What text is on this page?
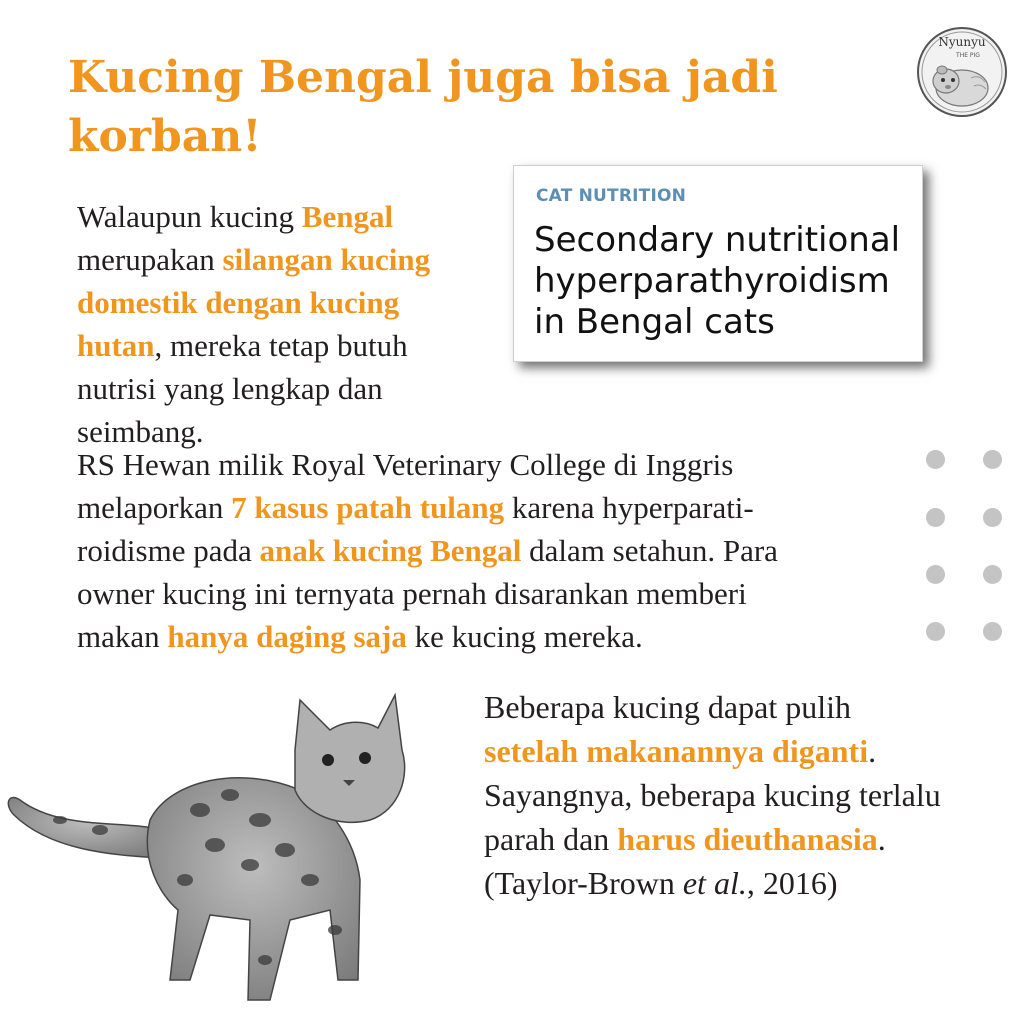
Kucing Bengal juga bisa jadi korban!
Nyunyu
THE PIG

CAT NUTRITION

Secondary nutritional hyperparathyroidism in Bengal cats

Walaupun kucing Bengal merupakan silangan kucing domestik dengan kucing hutan, mereka tetap butuh nutrisi yang lengkap dan seimbang.

RS Hewan milik Royal Veterinary College di Inggris
melaporkan 7 kasus patah tulang karena hyperparati-
roidisme pada anak kucing Bengal dalam setahun. Para
owner kucing ini ternyata pernah disarankan memberi
makan hanya daging saja ke kucing mereka.

Beberapa kucing dapat pulih setelah makanannya diganti. Sayangnya, beberapa kucing terlalu parah dan harus dieuthanasia.
(Taylor-Brown et al., 2016)
